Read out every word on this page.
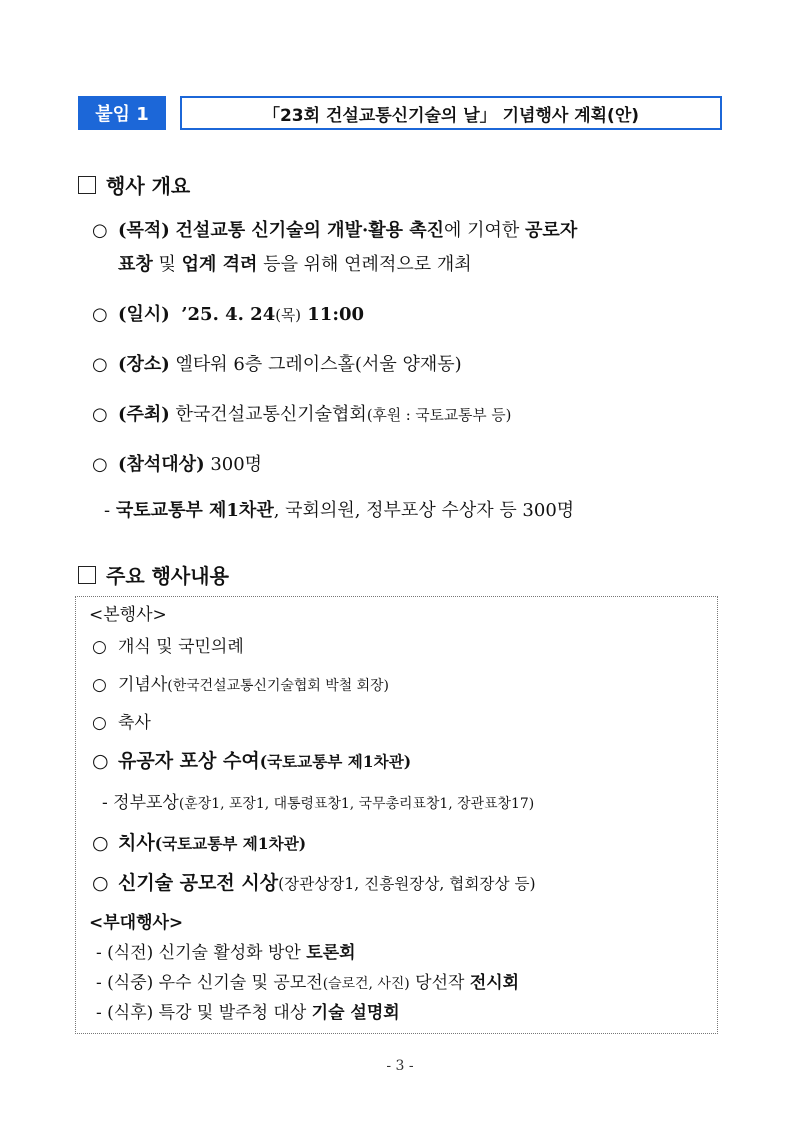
붙임 1	「23회 건설교통신기술의 날」 기념행사 계획(안)
행사 개요
○ (목적) 건설교통 신기술의 개발·활용 촉진에 기여한 공로자
표창 및 업계 격려 등을 위해 연례적으로 개최
○ (일시) ’25. 4. 24(목) 11:00
○ (장소) 엘타워 6층 그레이스홀(서울 양재동)
○ (주최) 한국건설교통신기술협회(후원 : 국토교통부 등)
○ (참석대상) 300명
- 국토교통부 제1차관, 국회의원, 정부포상 수상자 등 300명
주요 행사내용
<본행사>
○ 개식 및 국민의례
○ 기념사(한국건설교통신기술협회 박철 회장)
○ 축사
○ 유공자 포상 수여(국토교통부 제1차관)
- 정부포상(훈장1, 포장1, 대통령표창1, 국무총리표창1, 장관표창17)
○ 치사(국토교통부 제1차관)
○ 신기술 공모전 시상(장관상장1, 진흥원장상, 협회장상 등)
<부대행사>
- (식전) 신기술 활성화 방안 토론회
- (식중) 우수 신기술 및 공모전(슬로건, 사진) 당선작 전시회
- (식후) 특강 및 발주청 대상 기술 설명회
- 3 -
